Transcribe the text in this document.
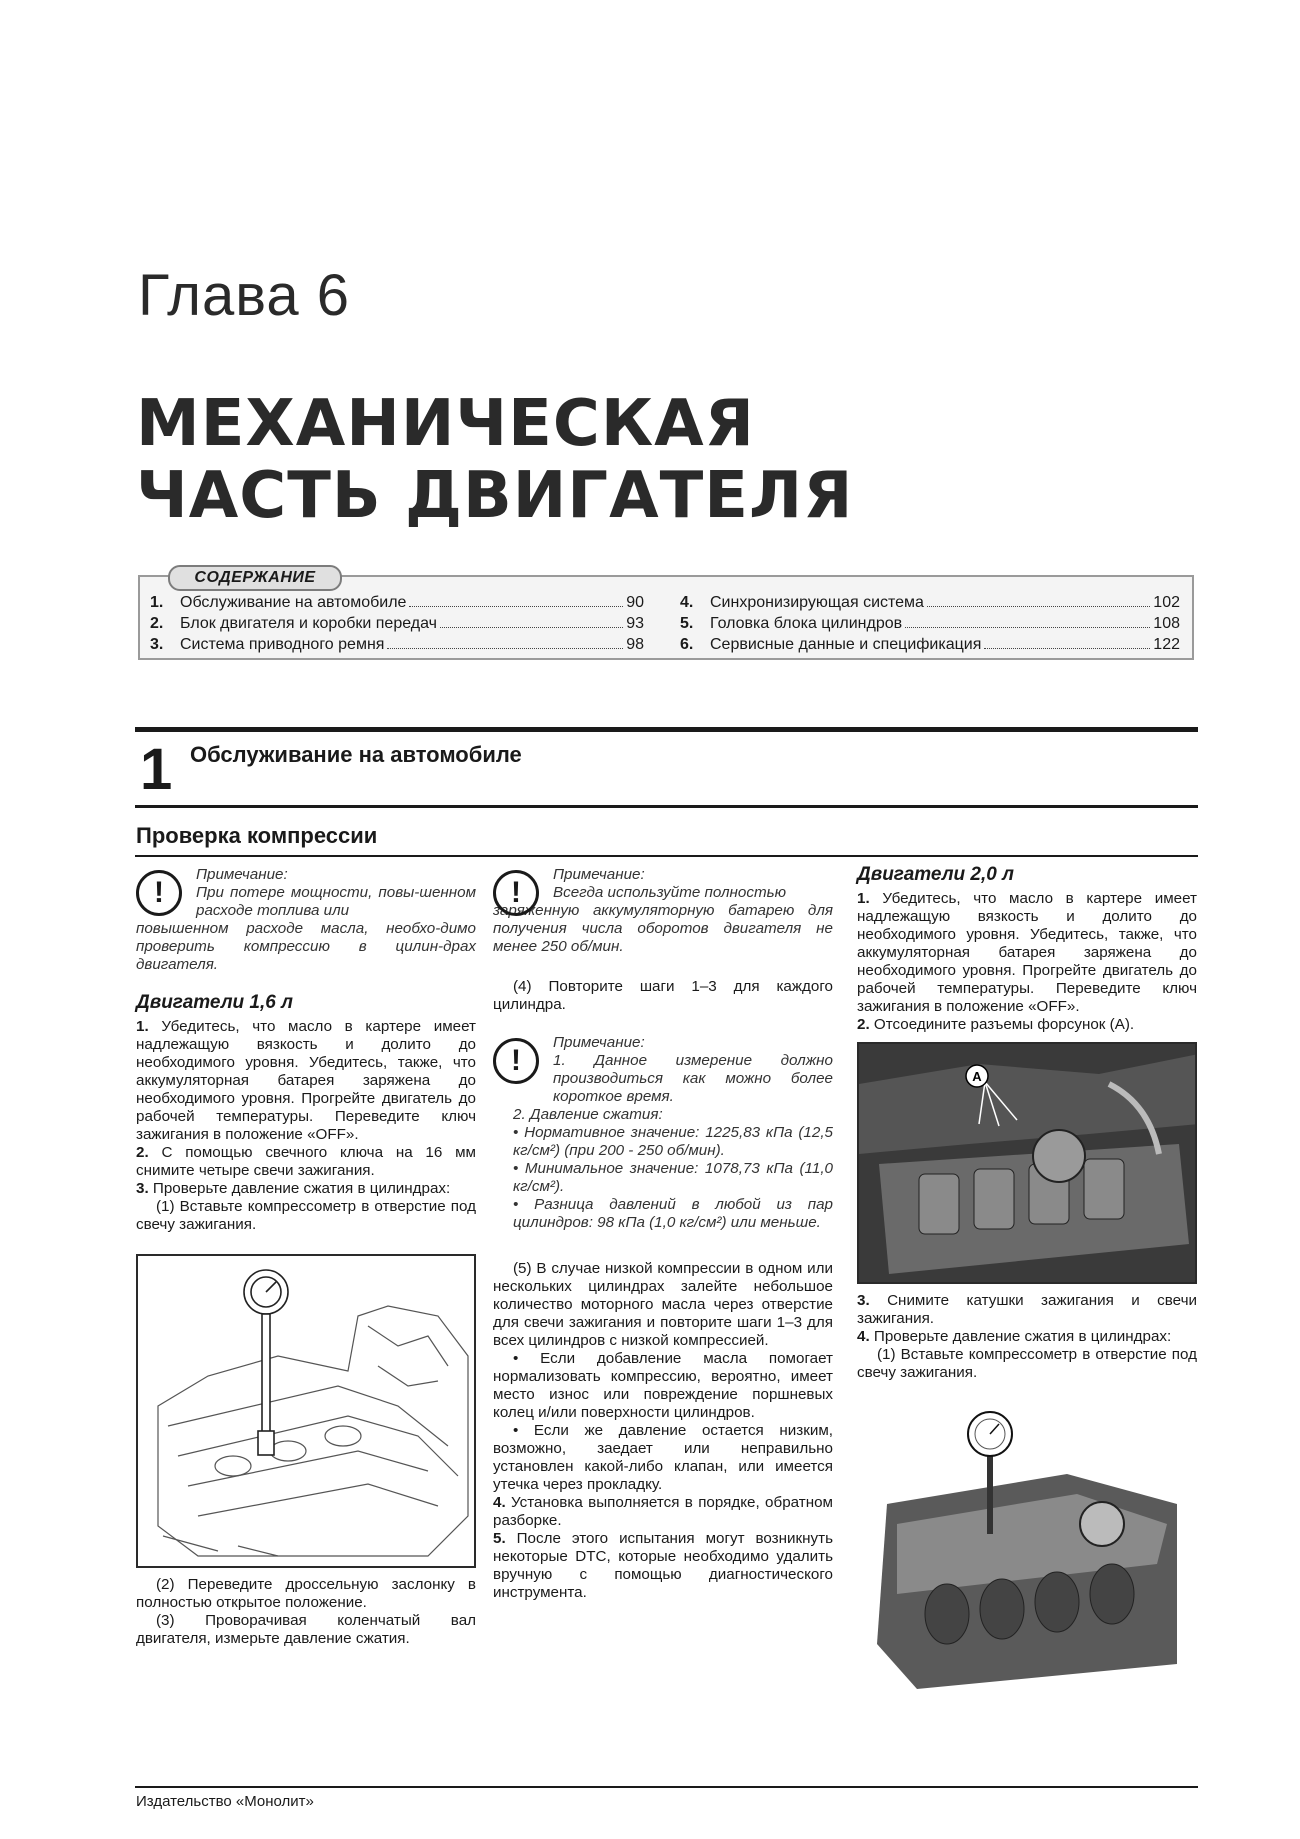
Глава 6
МЕХАНИЧЕСКАЯ
ЧАСТЬ ДВИГАТЕЛЯ
СОДЕРЖАНИЕ
1.	Обслуживание на автомобиле	90
2.	Блок двигателя и коробки передач	93
3.	Система приводного ремня	98
4.	Синхронизирующая система	102
5.	Головка блока цилиндров	108
6.	Сервисные данные и спецификация	122
1 Обслуживание на автомобиле
Проверка компрессии
!

Примечание:

При потере мощности, повы-шенном расходе топлива или

повышенном расходе масла, необхо-димо проверить компрессию в цилин-драх двигателя.

Двигатели 1,6 л

1. Убедитесь, что масло в картере имеет надлежащую вязкость и долито до необходимого уровня. Убедитесь, также, что аккумуляторная батарея заряжена до необходимого уровня. Прогрейте двигатель до рабочей температуры. Переведите ключ зажигания в положение «OFF».

2. С помощью свечного ключа на 16 мм снимите четыре свечи зажигания.

3. Проверьте давление сжатия в цилиндрах:

(1) Вставьте компрессометр в отверстие под свечу зажигания.

(2) Переведите дроссельную заслонку в полностью открытое положение.

(3) Проворачивая коленчатый вал двигателя, измерьте давление сжатия.

!

Примечание:

Всегда используйте полностью

заряженную аккумуляторную батарею для получения числа оборотов двигателя не менее 250 об/мин.

(4) Повторите шаги 1–3 для каждого цилиндра.

!

Примечание:

1. Данное измерение должно производиться как можно более короткое время.

2. Давление сжатия:

• Нормативное значение: 1225,83 кПа (12,5 кг/см²) (при 200 - 250 об/мин).

• Минимальное значение: 1078,73 кПа (11,0 кг/см²).

• Разница давлений в любой из пар цилиндров: 98 кПа (1,0 кг/см²) или меньше.

(5) В случае низкой компрессии в одном или нескольких цилиндрах залейте небольшое количество моторного масла через отверстие для свечи зажигания и повторите шаги 1–3 для всех цилиндров с низкой компрессией.

• Если добавление масла помогает нормализовать компрессию, вероятно, имеет место износ или повреждение поршневых колец и/или поверхности цилиндров.

• Если же давление остается низким, возможно, заедает или неправильно установлен какой-либо клапан, или имеется утечка через прокладку.

4. Установка выполняется в порядке, обратном разборке.

5. После этого испытания могут возникнуть некоторые DTC, которые необходимо удалить вручную с помощью диагностического инструмента.

Двигатели 2,0 л

1. Убедитесь, что масло в картере имеет надлежащую вязкость и долито до необходимого уровня. Убедитесь, также, что аккумуляторная батарея заряжена до необходимого уровня. Прогрейте двигатель до рабочей температуры. Переведите ключ зажигания в положение «OFF».

2. Отсоедините разъемы форсунок (А).

A

3. Снимите катушки зажигания и свечи зажигания.

4. Проверьте давление сжатия в цилиндрах:

(1) Вставьте компрессометр в отверстие под свечу зажигания.

Издательство «Монолит»
